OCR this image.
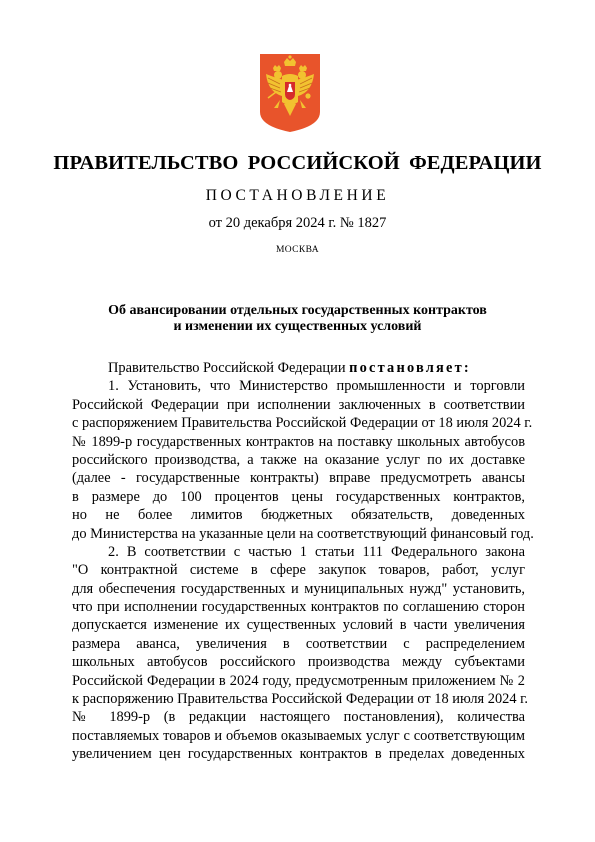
ПРАВИТЕЛЬСТВО РОССИЙСКОЙ ФЕДЕРАЦИИ
ПОСТАНОВЛЕНИЕ
от 20 декабря 2024 г. № 1827
МОСКВА
Об авансировании отдельных государственных контрактов
и изменении их существенных условий
Правительство Российской Федерации постановляет:
1. Установить, что Министерство промышленности и торговли
Российской Федерации при исполнении заключенных в соответствии
с распоряжением Правительства Российской Федерации от 18 июля 2024 г.
№ 1899-р государственных контрактов на поставку школьных автобусов
российского производства, а также на оказание услуг по их доставке
(далее - государственные контракты) вправе предусмотреть авансы
в размере до 100 процентов цены государственных контрактов,
но не более лимитов бюджетных обязательств, доведенных
до Министерства на указанные цели на соответствующий финансовый год.
2. В соответствии с частью 1 статьи 111 Федерального закона
"О контрактной системе в сфере закупок товаров, работ, услуг
для обеспечения государственных и муниципальных нужд" установить,
что при исполнении государственных контрактов по соглашению сторон
допускается изменение их существенных условий в части увеличения
размера аванса, увеличения в соответствии с распределением
школьных автобусов российского производства между субъектами
Российской Федерации в 2024 году, предусмотренным приложением № 2
к распоряжению Правительства Российской Федерации от 18 июля 2024 г.
№ 1899-р (в редакции настоящего постановления), количества
поставляемых товаров и объемов оказываемых услуг с соответствующим
увеличением цен государственных контрактов в пределах доведенных
